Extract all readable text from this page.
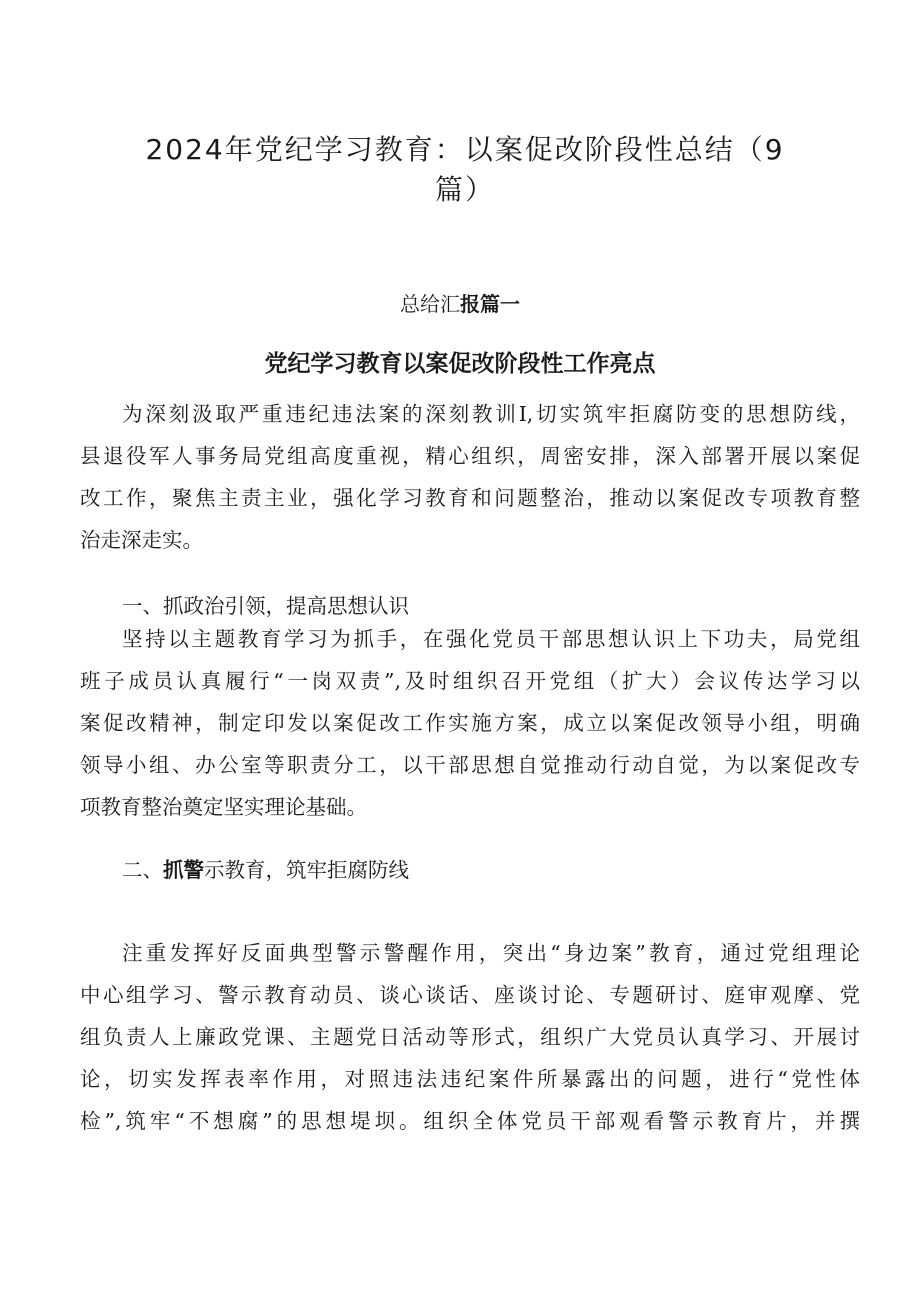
2024年党纪学习教育：以案促改阶段性总结（9
篇）

总给汇报篇一

党纪学习教育以案促改阶段性工作亮点
为深刻汲取严重违纪违法案的深刻教训I,切实筑牢拒腐防变的思想防线，
县退役军人事务局党组高度重视，精心组织，周密安排，深入部署开展以案促
改工作，聚焦主责主业，强化学习教育和问题整治，推动以案促改专项教育整
治走深走实。

一、抓政治引领，提高思想认识

坚持以主题教育学习为抓手，在强化党员干部思想认识上下功夫，局党组
班子成员认真履行“一岗双责”,及时组织召开党组（扩大）会议传达学习以
案促改精神，制定印发以案促改工作实施方案，成立以案促改领导小组，明确
领导小组、办公室等职责分工，以干部思想自觉推动行动自觉，为以案促改专
项教育整治奠定坚实理论基础。

二、抓警示教育，筑牢拒腐防线

注重发挥好反面典型警示警醒作用，突出“身边案”教育，通过党组理论
中心组学习、警示教育动员、谈心谈话、座谈讨论、专题研讨、庭审观摩、党
组负责人上廉政党课、主题党日活动等形式，组织广大党员认真学习、开展讨
论，切实发挥表率作用，对照违法违纪案件所暴露出的问题，进行“党性体
检”,筑牢“不想腐”的思想堤坝。组织全体党员干部观看警示教育片，并撰
